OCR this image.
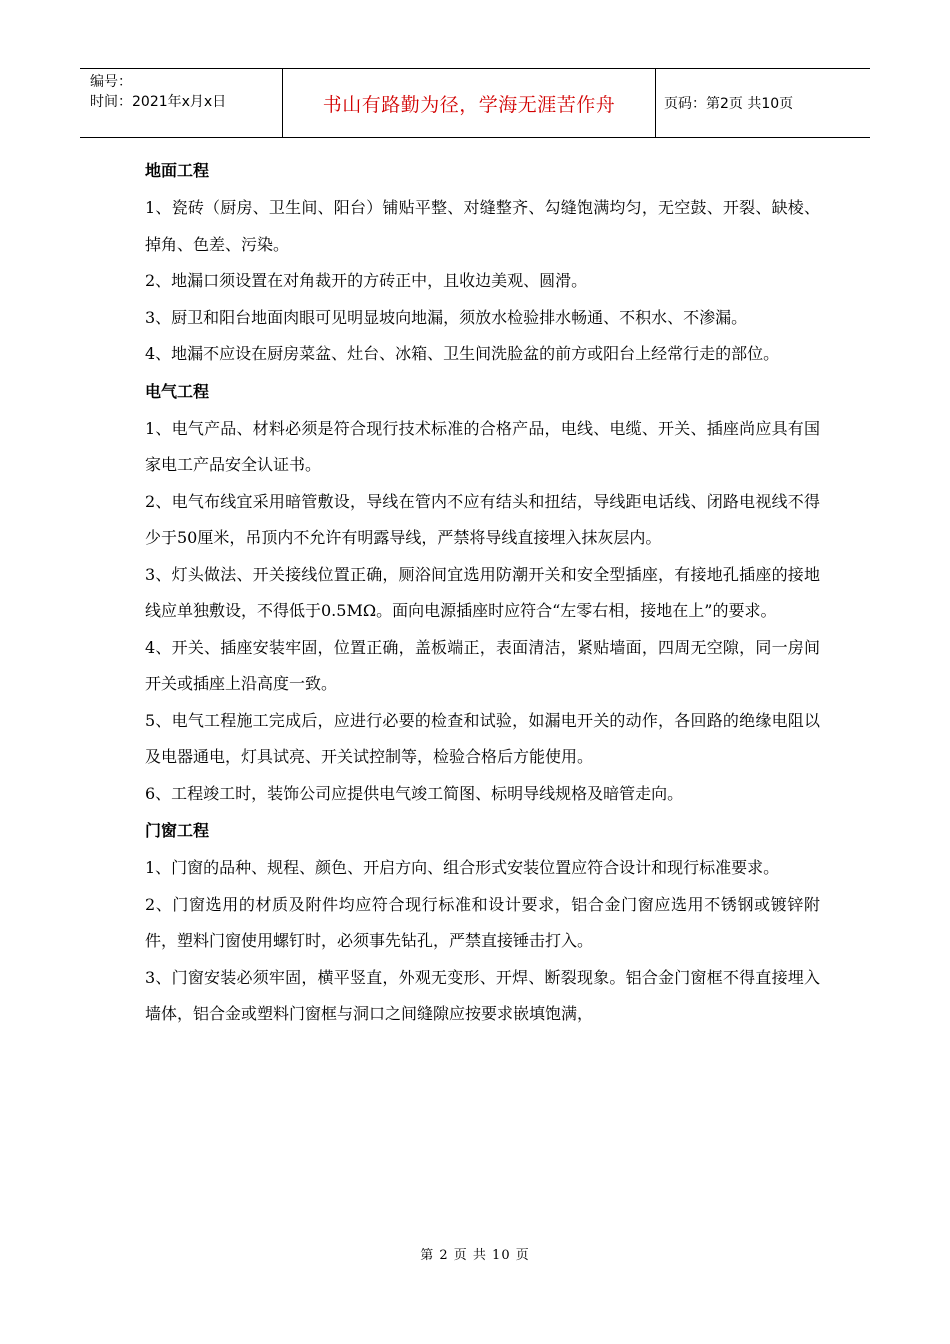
编号：
时间：2021年x月x日	书山有路勤为径，学海无涯苦作舟	页码：第2页 共10页
地面工程

1、瓷砖（厨房、卫生间、阳台）铺贴平整、对缝整齐、勾缝饱满均匀，无空鼓、开裂、缺棱、掉角、色差、污染。

2、地漏口须设置在对角裁开的方砖正中，且收边美观、圆滑。

3、厨卫和阳台地面肉眼可见明显坡向地漏，须放水检验排水畅通、不积水、不渗漏。

4、地漏不应设在厨房菜盆、灶台、冰箱、卫生间洗脸盆的前方或阳台上经常行走的部位。

电气工程

1、电气产品、材料必须是符合现行技术标准的合格产品，电线、电缆、开关、插座尚应具有国家电工产品安全认证书。

2、电气布线宜采用暗管敷设，导线在管内不应有结头和扭结，导线距电话线、闭路电视线不得少于50厘米，吊顶内不允许有明露导线，严禁将导线直接埋入抹灰层内。

3、灯头做法、开关接线位置正确，厕浴间宜选用防潮开关和安全型插座，有接地孔插座的接地线应单独敷设，不得低于0.5MΩ。面向电源插座时应符合“左零右相，接地在上”的要求。

4、开关、插座安装牢固，位置正确，盖板端正，表面清洁，紧贴墙面，四周无空隙，同一房间开关或插座上沿高度一致。

5、电气工程施工完成后，应进行必要的检查和试验，如漏电开关的动作，各回路的绝缘电阻以及电器通电，灯具试亮、开关试控制等，检验合格后方能使用。

6、工程竣工时，装饰公司应提供电气竣工简图、标明导线规格及暗管走向。

门窗工程

1、门窗的品种、规程、颜色、开启方向、组合形式安装位置应符合设计和现行标准要求。

2、门窗选用的材质及附件均应符合现行标准和设计要求，铝合金门窗应选用不锈钢或镀锌附件，塑料门窗使用螺钉时，必须事先钻孔，严禁直接锤击打入。

3、门窗安装必须牢固，横平竖直，外观无变形、开焊、断裂现象。铝合金门窗框不得直接埋入墙体，铝合金或塑料门窗框与洞口之间缝隙应按要求嵌填饱满，

第 2 页 共 10 页
